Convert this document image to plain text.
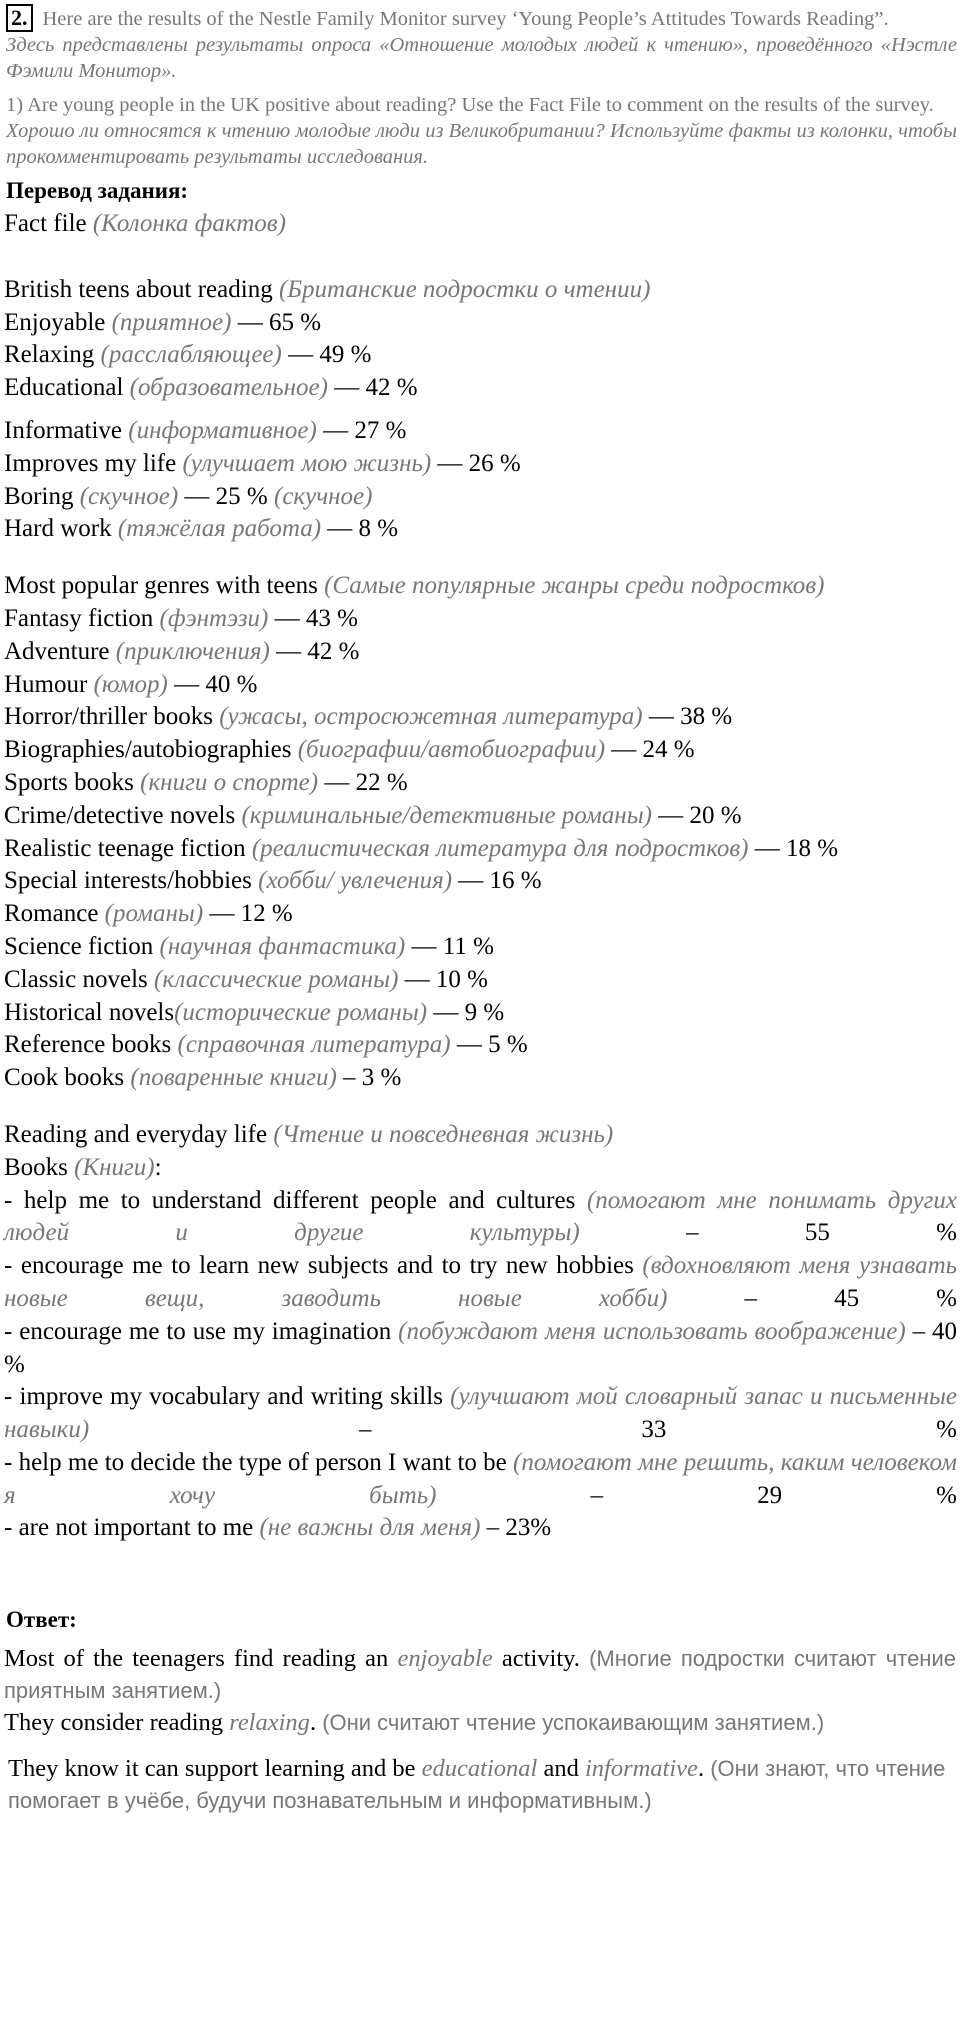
2. Here are the results of the Nestle Family Monitor survey ‘Young People’s Attitudes Towards Reading”.
Здесь представлены результаты опроса «Отношение молодых людей к чтению», проведённого «Нэстле Фэмили Монитор».
1) Are young people in the UK positive about reading? Use the Fact File to comment on the results of the survey.
Хорошо ли относятся к чтению молодые люди из Великобритании? Используйте факты из колонки, чтобы прокомментировать результаты исследования.
Перевод задания:
Fact file (Колонка фактов)
British teens about reading (Британские подростки о чтении)
Enjoyable (приятное) — 65 %
Relaxing (расслабляющее) — 49 %
Educational (образовательное) — 42 %
Informative (информативное) — 27 %
Improves my life (улучшает мою жизнь) — 26 %
Boring (скучное) — 25 % (скучное)
Hard work (тяжёлая работа) — 8 %
Most popular genres with teens (Самые популярные жанры среди подростков)
Fantasy fiction (фэнтэзи) — 43 %
Adventure (приключения) — 42 %
Humour (юмор) — 40 %
Horror/thriller books (ужасы, остросюжетная литература) — 38 %
Biographies/autobiographies (биографии/автобиографии) — 24 %
Sports books (книги о спорте) — 22 %
Crime/detective novels (криминальные/детективные романы) — 20 %
Realistic teenage fiction (реалистическая литература для подростков) — 18 %
Special interests/hobbies (хобби/ увлечения) — 16 %
Romance (романы) — 12 %
Science fiction (научная фантастика) — 11 %
Classic novels (классические романы) — 10 %
Historical novels(исторические романы) — 9 %
Reference books (справочная литература) — 5 %
Cook books (поваренные книги) – 3 %
Reading and everyday life (Чтение и повседневная жизнь)
Books (Книги):
- help me to understand different people and cultures (помогают мне понимать других людей и другие культуры) – 55 %
- encourage me to learn new subjects and to try new hobbies (вдохновляют меня узнавать новые вещи, заводить новые хобби) – 45 %
- encourage me to use my imagination (побуждают меня использовать воображение) – 40 %
- improve my vocabulary and writing skills (улучшают мой словарный запас и письменные навыки) – 33 %
- help me to decide the type of person I want to be (помогают мне решить, каким человеком я хочу быть) – 29 %
- are not important to me (не важны для меня) – 23%
Ответ:
Most of the teenagers find reading an enjoyable activity. (Многие подростки считают чтение приятным занятием.)
They consider reading relaxing. (Они считают чтение успокаивающим занятием.)
They know it can support learning and be educational and informative. (Они знают, что чтение помогает в учёбе, будучи познавательным и информативным.)
